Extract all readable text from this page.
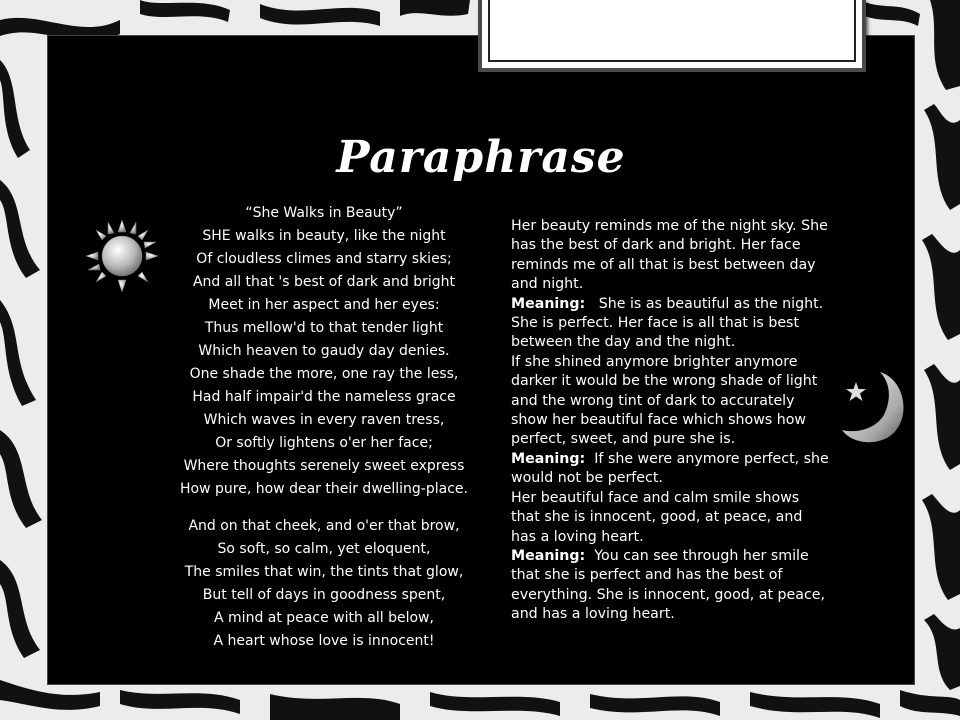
Paraphrase
“She Walks in Beauty”
SHE walks in beauty, like the night
Of cloudless climes and starry skies;
And all that 's best of dark and bright
Meet in her aspect and her eyes:
Thus mellow'd to that tender light
Which heaven to gaudy day denies.
One shade the more, one ray the less,
Had half impair'd the nameless grace
Which waves in every raven tress,
Or softly lightens o'er her face;
Where thoughts serenely sweet express
How pure, how dear their dwelling-place.
And on that cheek, and o'er that brow,
So soft, so calm, yet eloquent,
The smiles that win, the tints that glow,
But tell of days in goodness spent,
A mind at peace with all below,
A heart whose love is innocent!
Her beauty reminds me of the night sky. She has the best of dark and bright. Her face reminds me of all that is best between day and night.
Meaning: She is as beautiful as the night. She is perfect. Her face is all that is best between the day and the night.
If she shined anymore brighter anymore darker it would be the wrong shade of light and the wrong tint of dark to accurately show her beautiful face which shows how perfect, sweet, and pure she is.
Meaning: If she were anymore perfect, she would not be perfect.
Her beautiful face and calm smile shows that she is innocent, good, at peace, and has a loving heart.
Meaning: You can see through her smile that she is perfect and has the best of everything. She is innocent, good, at peace, and has a loving heart.
